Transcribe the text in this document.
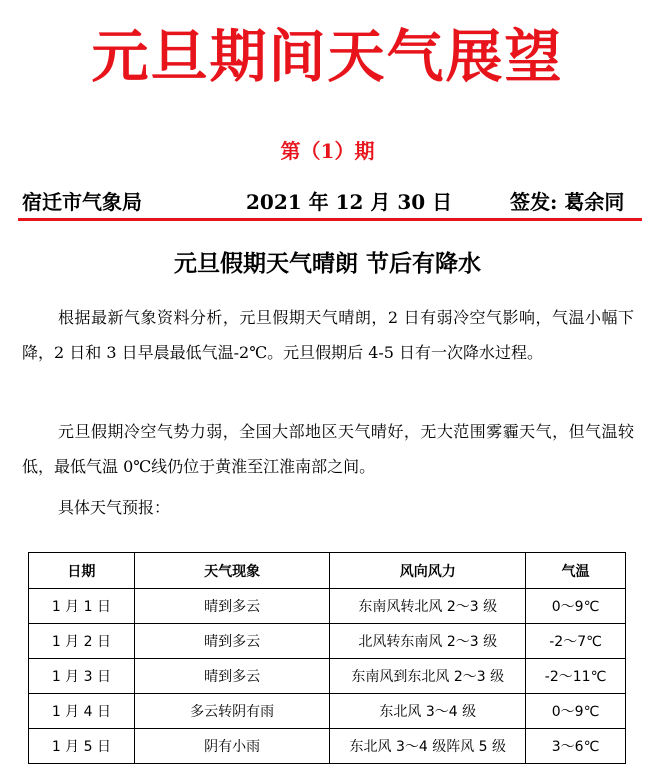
元旦期间天气展望
第（1）期
宿迁市气象局	2021 年 12 月 30 日	签发: 葛余同
元旦假期天气晴朗 节后有降水
根据最新气象资料分析，元旦假期天气晴朗，2 日有弱冷空气影响，气温小幅下降，2 日和 3 日早晨最低气温-2℃。元旦假期后 4-5 日有一次降水过程。
元旦假期冷空气势力弱，全国大部地区天气晴好，无大范围雾霾天气，但气温较低，最低气温 0℃线仍位于黄淮至江淮南部之间。
具体天气预报：
日期	天气现象	风向风力	气温
1 月 1 日	晴到多云	东南风转北风 2～3 级	0～9℃
1 月 2 日	晴到多云	北风转东南风 2～3 级	-2～7℃
1 月 3 日	晴到多云	东南风到东北风 2～3 级	-2～11℃
1 月 4 日	多云转阴有雨	东北风 3～4 级	0～9℃
1 月 5 日	阴有小雨	东北风 3～4 级阵风 5 级	3～6℃
